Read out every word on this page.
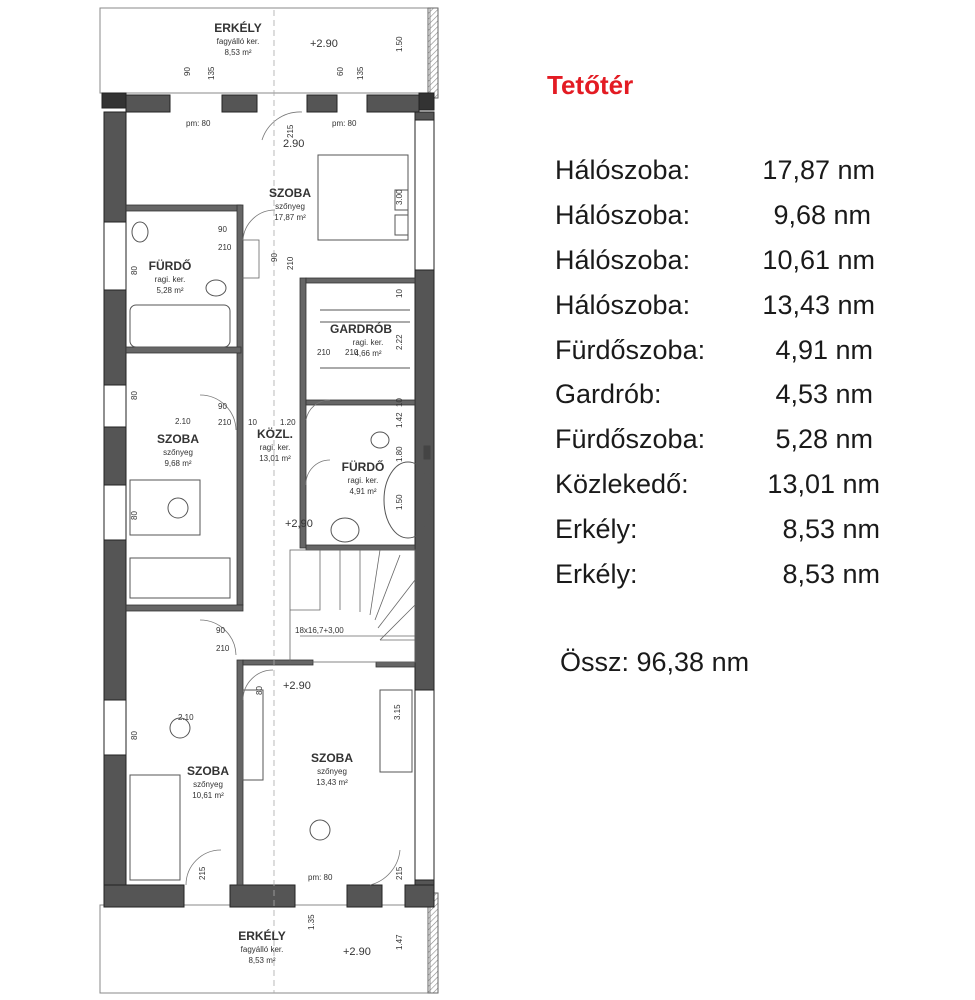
ERKÉLY
fagyálló ker.
8,53 m²
SZOBA
szőnyeg
17,87 m²
FÜRDŐ
ragi. ker.
5,28 m²
GARDRÓB
ragi. ker.
4,66 m²
SZOBA
szőnyeg
9,68 m²
KÖZL.
ragi. ker.
13,01 m²
FÜRDŐ
ragi. ker.
4,91 m²
SZOBA
szőnyeg
10,61 m²
SZOBA
szőnyeg
13,43 m²
ERKÉLY
fagyálló ker.
8,53 m²
+2.90
2.90
+2,90
+2.90
+2.90
18x16,7+3,00
90 135	135
60
1.50
pm: 80	pm: 80
215
3.00
90
210
90 210
80
80
2.10
90
210 10	1.20
80
90
210
1.50
80
2.10	3.15
80
215	pm: 80	215
1.35
1.47
2.22
210
1.80
1.42
10
210
10
Tetőtér
Hálószoba:	17,87 nm
Hálószoba:	9,68 nm
Hálószoba:	10,61 nm
Hálószoba:	13,43 nm
Fürdőszoba:	4,91 nm
Gardrób:	4,53 nm
Fürdőszoba:	5,28 nm
Közlekedő:	13,01 nm
Erkély:	8,53 nm
Erkély:	8,53 nm
Össz: 96,38 nm
